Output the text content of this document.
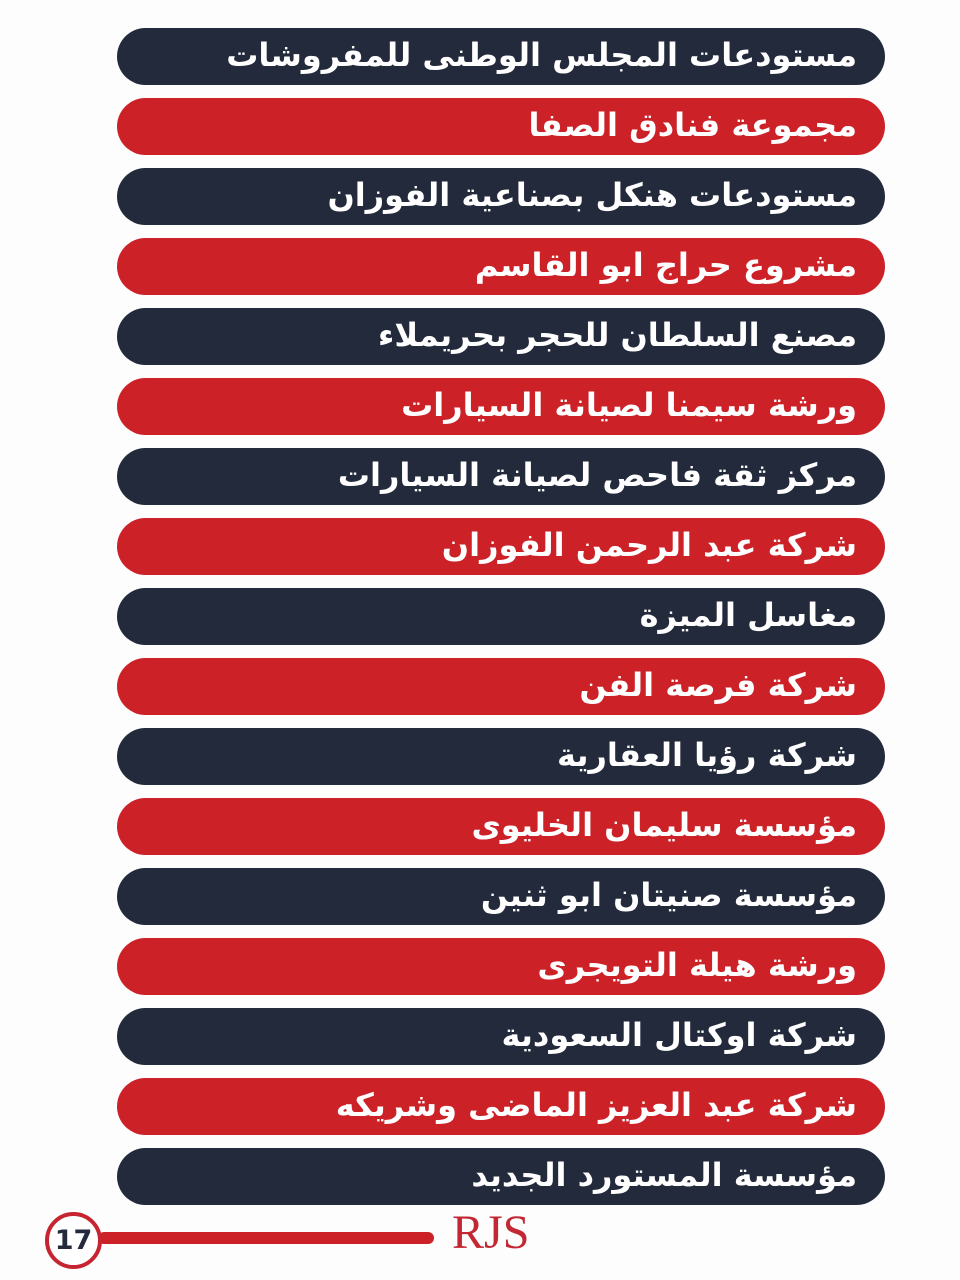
مستودعات المجلس الوطنى للمفروشات
مجموعة فنادق الصفا
مستودعات هنكل بصناعية الفوزان
مشروع حراج ابو القاسم
مصنع السلطان للحجر بحريملاء
ورشة سيمنا لصيانة السيارات
مركز ثقة فاحص لصيانة السيارات
شركة عبد الرحمن الفوزان
مغاسل الميزة
شركة فرصة الفن
شركة رؤيا العقارية
مؤسسة سليمان الخليوى
مؤسسة صنيتان ابو ثنين
ورشة هيلة التويجرى
شركة اوكتال السعودية
شركة عبد العزيز الماضى وشريكه
مؤسسة المستورد الجديد
17	RJS
